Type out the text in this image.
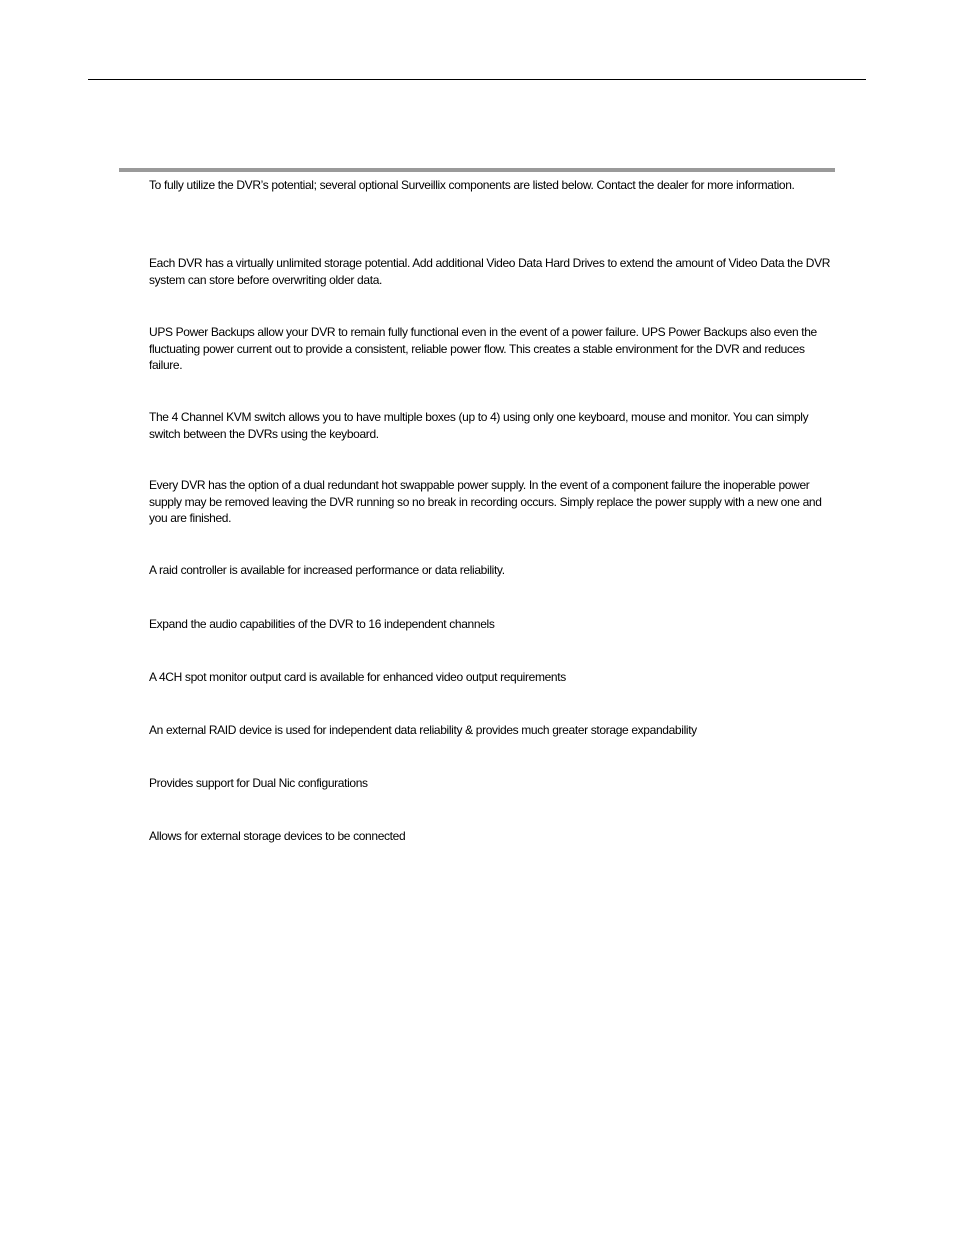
To fully utilize the DVR’s potential; several optional Surveillix components are listed below. Contact the dealer for more information.

Each DVR has a virtually unlimited storage potential. Add additional Video Data Hard Drives to extend the amount of Video Data the DVR system can store before overwriting older data.

UPS Power Backups allow your DVR to remain fully functional even in the event of a power failure. UPS Power Backups also even the fluctuating power current out to provide a consistent, reliable power flow. This creates a stable environment for the DVR and reduces failure.

The 4 Channel KVM switch allows you to have multiple boxes (up to 4) using only one keyboard, mouse and monitor. You can simply switch between the DVRs using the keyboard.

Every DVR has the option of a dual redundant hot swappable power supply. In the event of a component failure the inoperable power supply may be removed leaving the DVR running so no break in recording occurs. Simply replace the power supply with a new one and you are finished.

A raid controller is available for increased performance or data reliability.

Expand the audio capabilities of the DVR to 16 independent channels

A 4CH spot monitor output card is available for enhanced video output requirements

An external RAID device is used for independent data reliability & provides much greater storage expandability

Provides support for Dual Nic configurations

Allows for external storage devices to be connected
